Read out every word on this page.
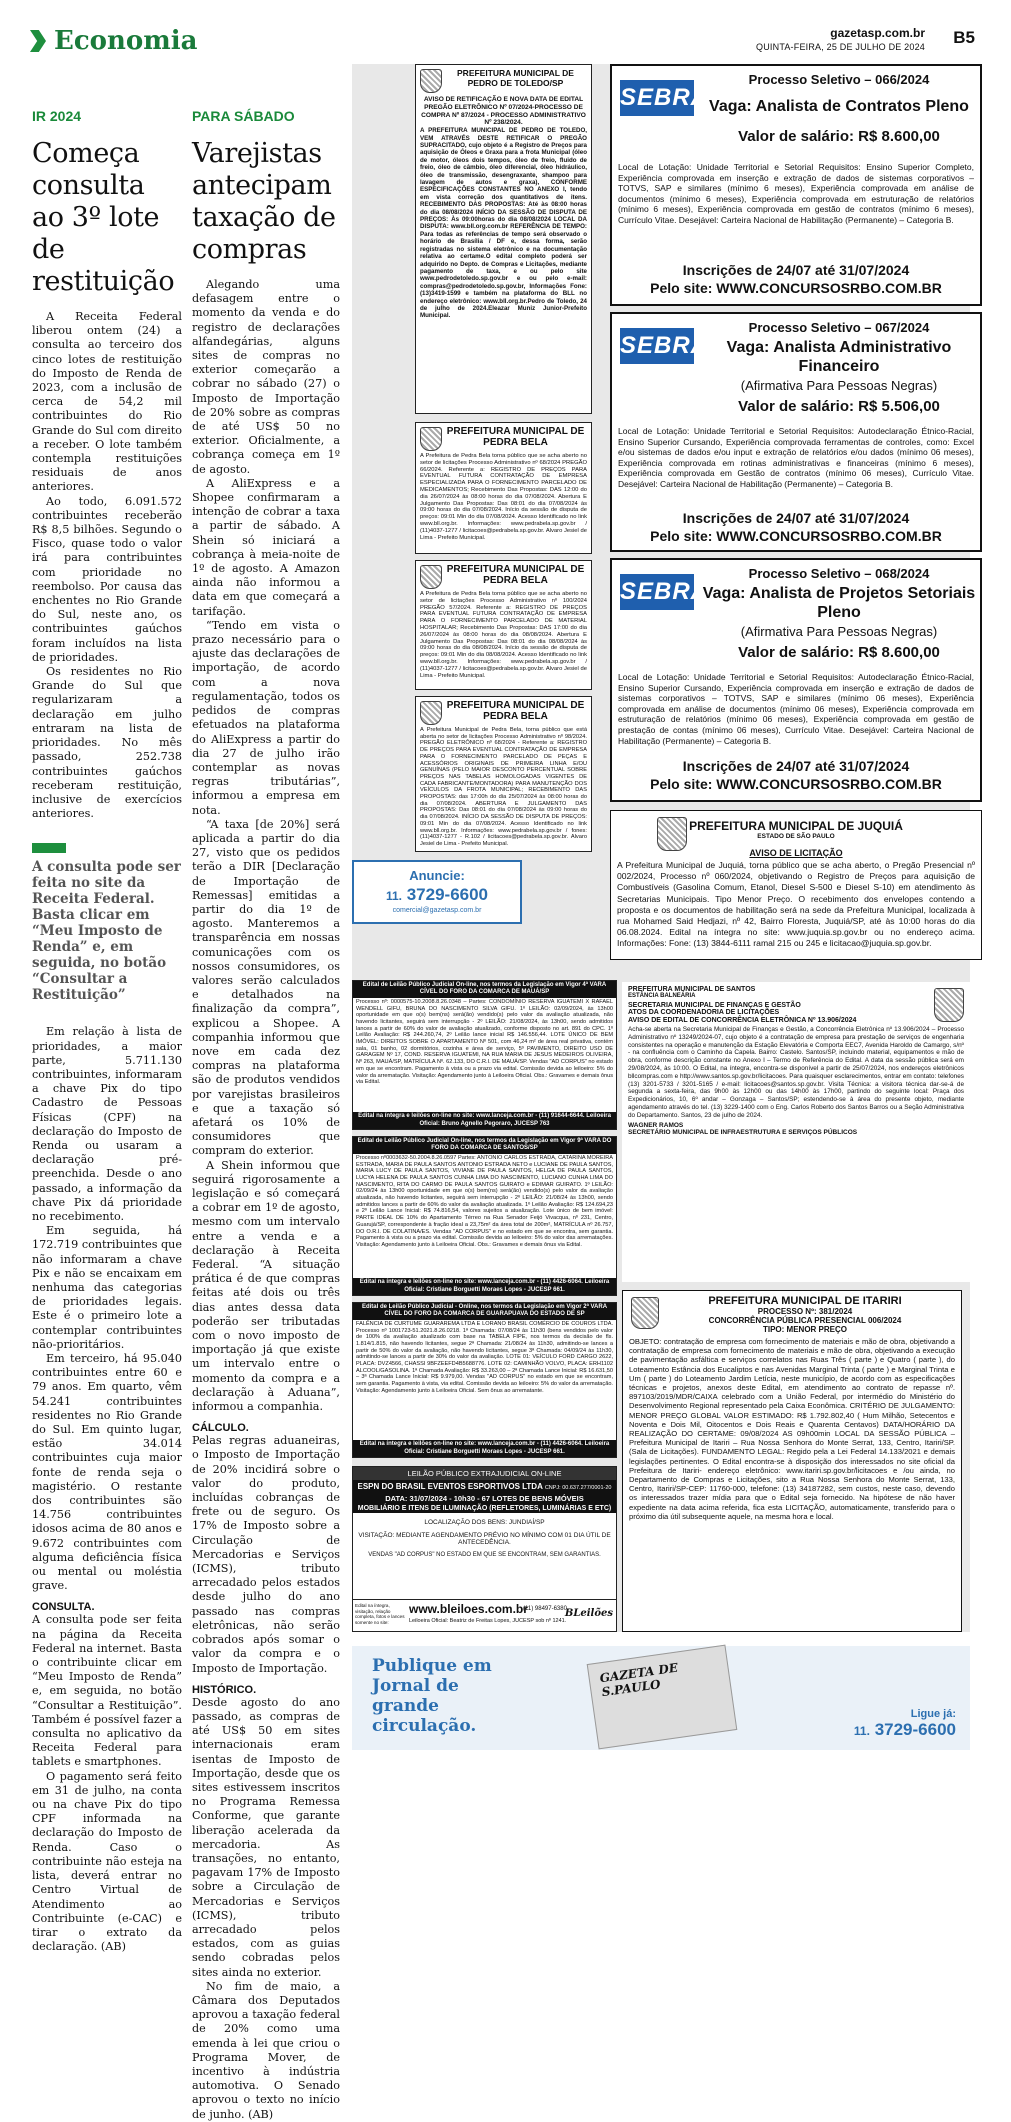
Economia	gazetasp.com.br
QUINTA-FEIRA, 25 DE JULHO DE 2024 B5
IR 2024
Começa consulta ao 3º lote de restituição

A Receita Federal liberou ontem (24) a consulta ao terceiro dos cinco lotes de restituição do Imposto de Renda de 2023, com a inclusão de cerca de 54,2 mil contribuintes do Rio Grande do Sul com direito a receber. O lote também contempla restituições residuais de anos anteriores.

Ao todo, 6.091.572 contribuintes receberão R$ 8,5 bilhões. Segundo o Fisco, quase todo o valor irá para contribuintes com prioridade no reembolso. Por causa das enchentes no Rio Grande do Sul, neste ano, os contribuintes gaúchos foram incluídos na lista de prioridades.

Os residentes no Rio Grande do Sul que regularizaram a declaração em julho entraram na lista de prioridades. No mês passado, 252.738 contribuintes gaúchos receberam restituição, inclusive de exercícios anteriores.

A consulta pode ser feita no site da Receita Federal. Basta clicar em “Meu Imposto de Renda” e, em seguida, no botão “Consultar a Restituição”

Em relação à lista de prioridades, a maior parte, 5.711.130 contribuintes, informaram a chave Pix do tipo Cadastro de Pessoas Físicas (CPF) na declaração do Imposto de Renda ou usaram a declaração pré-preenchida. Desde o ano passado, a informação da chave Pix dá prioridade no recebimento.

Em seguida, há 172.719 contribuintes que não informaram a chave Pix e não se encaixam em nenhuma das categorias de prioridades legais. Este é o primeiro lote a contemplar contribuintes não-prioritários.

Em terceiro, há 95.040 contribuintes entre 60 e 79 anos. Em quarto, vêm 54.241 contribuintes residentes no Rio Grande do Sul. Em quinto lugar, estão 34.014 contribuintes cuja maior fonte de renda seja o magistério. O restante dos contribuintes são 14.756 contribuintes idosos acima de 80 anos e 9.672 contribuintes com alguma deficiência física ou mental ou moléstia grave.

CONSULTA.

A consulta pode ser feita na página da Receita Federal na internet. Basta o contribuinte clicar em “Meu Imposto de Renda” e, em seguida, no botão “Consultar a Restituição”. Também é possível fazer a consulta no aplicativo da Receita Federal para tablets e smartphones.

O pagamento será feito em 31 de julho, na conta ou na chave Pix do tipo CPF informada na declaração do Imposto de Renda. Caso o contribuinte não esteja na lista, deverá entrar no Centro Virtual de Atendimento ao Contribuinte (e-CAC) e tirar o extrato da declaração. (AB)

PARA SÁBADO
Varejistas antecipam taxação de compras

Alegando uma defasagem entre o momento da venda e do registro de declarações alfandegárias, alguns sites de compras no exterior começarão a cobrar no sábado (27) o Imposto de Importação de 20% sobre as compras de até US$ 50 no exterior. Oficialmente, a cobrança começa em 1º de agosto.

A AliExpress e a Shopee confirmaram a intenção de cobrar a taxa a partir de sábado. A Shein só iniciará a cobrança à meia-noite de 1º de agosto. A Amazon ainda não informou a data em que começará a tarifação.

“Tendo em vista o prazo necessário para o ajuste das declarações de importação, de acordo com a nova regulamentação, todos os pedidos de compras efetuados na plataforma do AliExpress a partir do dia 27 de julho irão contemplar as novas regras tributárias”, informou a empresa em nota.

“A taxa [de 20%] será aplicada a partir do dia 27, visto que os pedidos terão a DIR [Declaração de Importação de Remessas] emitidas a partir do dia 1º de agosto. Manteremos a transparência em nossas comunicações com os nossos consumidores, os valores serão calculados e detalhados na finalização da compra”, explicou a Shopee. A companhia informou que nove em cada dez compras na plataforma são de produtos vendidos por varejistas brasileiros e que a taxação só afetará os 10% de consumidores que compram do exterior.

A Shein informou que seguirá rigorosamente a legislação e só começará a cobrar em 1º de agosto, mesmo com um intervalo entre a venda e a declaração à Receita Federal. “A situação prática é de que compras feitas até dois ou três dias antes dessa data poderão ser tributadas com o novo imposto de importação já que existe um intervalo entre o momento da compra e a declaração à Aduana”, informou a companhia.

CÁLCULO.

Pelas regras aduaneiras, o Imposto de Importação de 20% incidirá sobre o valor do produto, incluídas cobranças de frete ou de seguro. Os 17% de Imposto sobre a Circulação de Mercadorias e Serviços (ICMS), tributo arrecadado pelos estados desde julho do ano passado nas compras eletrônicas, não serão cobrados após somar o valor da compra e o Imposto de Importação.

HISTÓRICO.

Desde agosto do ano passado, as compras de até US$ 50 em sites internacionais eram isentas de Imposto de Importação, desde que os sites estivessem inscritos no Programa Remessa Conforme, que garante liberação acelerada da mercadoria. As transações, no entanto, pagavam 17% de Imposto sobre a Circulação de Mercadorias e Serviços (ICMS), tributo arrecadado pelos estados, com as guias sendo cobradas pelos sites ainda no exterior.

No fim de maio, a Câmara dos Deputados aprovou a taxação federal de 20% como uma emenda à lei que criou o Programa Mover, de incentivo à indústria automotiva. O Senado aprovou o texto no início de junho. (AB)

PREFEITURA MUNICIPAL DE PEDRO DE TOLEDO/SP
AVISO DE RETIFICAÇÃO E NOVA DATA DE EDITAL PREGÃO ELETRÔNICO Nº 07/2024-PROCESSO DE COMPRA Nº 87/2024 - PROCESSO ADMINISTRATIVO Nº 238/2024.
A PREFEITURA MUNICIPAL DE PEDRO DE TOLEDO, VEM ATRAVÉS DESTE RETIFICAR O PREGÃO SUPRACITADO, cujo objeto é a Registro de Preços para aquisição de Óleos e Graxa para a frota Municipal (óleo de motor, óleos dois tempos, óleo de freio, fluido de freio, óleo de câmbio, óleo diferencial, óleo hidráulico, óleo de transmissão, desengraxante, shampoo para lavagem de autos e graxa), CONFORME ESPECIFICAÇÕES CONSTANTES NO ANEXO I, tendo em vista correção dos quantitativos de itens. RECEBIMENTO DAS PROPOSTAS: Até às 08:00 horas do dia 08/08/2024 INÍCIO DA SESSÃO DE DISPUTA DE PREÇOS: Às 09:00horas do dia 08/08/2024 LOCAL DA DISPUTA: www.bll.org.com.br REFERÊNCIA DE TEMPO: Para todas as referências de tempo será observado o horário de Brasília / DF e, dessa forma, serão registradas no sistema eletrônico e na documentação relativa ao certame.O edital completo poderá ser adquirido no Depto. de Compras e Licitações, mediante pagamento de taxa, e ou pelo site www.pedrodetoledo.sp.gov.br e ou pelo e-mail: compras@pedrodetoledo.sp.gov.br, Informações Fone:(13)3419-1599 e também na plataforma do BLL no endereço eletrônico: www.bll.org.br.Pedro de Toledo, 24 de julho de 2024.Eleazar Muniz Junior-Prefeito Municipal.
PREFEITURA MUNICIPAL DE PEDRA BELA
A Prefeitura de Pedra Bela torna público que se acha aberto no setor de licitações Processo Administrativo nº 68/2024 PREGÃO 66/2024. Referente a: REGISTRO DE PREÇOS PARA EVENTUAL FUTURA CONTRATAÇÃO DE EMPRESA ESPECIALIZADA PARA O FORNECIMENTO PARCELADO DE MEDICAMENTOS; Recebimento Das Propostas: DAS 12:00 do dia 26/07/2024 às 08:00 horas do dia 07/08/2024. Abertura E Julgamento Das Propostas: Das 08:01 do dia 07/08/2024 às 09:00 horas do dia 07/08/2024. Início da sessão de disputa de preços: 09:01 Min do dia 07/08/2024. Acesso Identificado no link www.bll.org.br. Informações: www.pedrabela.sp.gov.br / (11)4037-1277 / licitacoes@pedrabela.sp.gov.br. Alvaro Jesiel de Lima - Prefeito Municipal.
PREFEITURA MUNICIPAL DE PEDRA BELA
A Prefeitura de Pedra Bela torna público que se acha aberto no setor de licitações Processo Administrativo nº 100/2024 PREGÃO 57/2024. Referente a: REGISTRO DE PREÇOS PARA EVENTUAL FUTURA CONTRATAÇÃO DE EMPRESA PARA O FORNECIMENTO PARCELADO DE MATERIAL HOSPITALAR; Recebimento Das Propostas: DAS 17:00 do dia 26/07/2024 às 08:00 horas do dia 08/08/2024. Abertura E Julgamento Das Propostas: Das 08:01 do dia 08/08/2024 às 09:00 horas do dia 08/08/2024. Início da sessão de disputa de preços: 09:01 Min do dia 08/08/2024. Acesso Identificado no link www.bll.org.br. Informações: www.pedrabela.sp.gov.br / (11)4037-1277 / licitacoes@pedrabela.sp.gov.br. Alvaro Jesiel de Lima - Prefeito Municipal.
PREFEITURA MUNICIPAL DE PEDRA BELA
A Prefeitura Municipal de Pedra Bela, torna público que está aberta no setor de licitações Processo Administrativo nº 98/2024. PREGÃO ELETRÔNICO nº 68/2024 - Referente a: REGISTRO DE PREÇOS PARA EVENTUAL CONTRATAÇÃO DE EMPRESA PARA O FORNECIMENTO PARCELADO DE PEÇAS E ACESSÓRIOS ORIGINAIS DE PRIMEIRA LINHA E/OU GENUÍNAS (PELO MAIOR DESCONTO PERCENTUAL SOBRE PREÇOS NAS TABELAS HOMOLOGADAS VIGENTES DE CADA FABRICANTE/MONTADORA) PARA MANUTENÇÃO DOS VEÍCULOS DA FROTA MUNICIPAL; RECEBIMENTO DAS PROPOSTAS: das 17:00h do dia 25/07/2024 às 08:00 horas do dia 07/08/2024. ABERTURA E JULGAMENTO DAS PROPOSTAS: Das 08:01 do dia 07/08/2024 às 09:00 horas do dia 07/08/2024. INÍCIO DA SESSÃO DE DISPUTA DE PREÇOS: 09:01 Min do dia 07/08/2024. Acesso Identificado no link www.bll.org.br. Informações: www.pedrabela.sp.gov.br / fones: (11)4037-1277 - R.102 / licitacoes@pedrabela.sp.gov.br. Alvaro Jesiel de Lima - Prefeito Municipal.
Anuncie:
11. 3729-6600
comercial@gazetasp.com.br
SEBRAE
Processo Seletivo – 066/2024
Vaga: Analista de Contratos Pleno
Valor de salário: R$ 8.600,00
Local de Lotação: Unidade Territorial e Setorial Requisitos: Ensino Superior Completo, Experiência comprovada em inserção e extração de dados de sistemas corporativos – TOTVS, SAP e similares (mínimo 6 meses), Experiência comprovada em análise de documentos (mínimo 6 meses), Experiência comprovada em estruturação de relatórios (mínimo 6 meses), Experiência comprovada em gestão de contratos (mínimo 6 meses), Currículo Vitae. Desejável: Carteira Nacional de Habilitação (Permanente) – Categoria B.
Inscrições de 24/07 até 31/07/2024
Pelo site: WWW.CONCURSOSRBO.COM.BR
SEBRAE
Processo Seletivo – 067/2024
Vaga: Analista Administrativo Financeiro
(Afirmativa Para Pessoas Negras)
Valor de salário: R$ 5.506,00
Local de Lotação: Unidade Territorial e Setorial Requisitos: Autodeclaração Étnico-Racial, Ensino Superior Cursando, Experiência comprovada ferramentas de controles, como: Excel e/ou sistemas de dados e/ou input e extração de relatórios e/ou dados (mínimo 06 meses), Experiência comprovada em rotinas administrativas e financeiras (mínimo 6 meses), Experiência comprovada em Gestão de contratos (mínimo 06 meses), Currículo Vitae. Desejável: Carteira Nacional de Habilitação (Permanente) – Categoria B.
Inscrições de 24/07 até 31/07/2024
Pelo site: WWW.CONCURSOSRBO.COM.BR
SEBRAE
Processo Seletivo – 068/2024
Vaga: Analista de Projetos Setoriais Pleno
(Afirmativa Para Pessoas Negras)
Valor de salário: R$ 8.600,00
Local de Lotação: Unidade Territorial e Setorial Requisitos: Autodeclaração Étnico-Racial, Ensino Superior Cursando, Experiência comprovada em inserção e extração de dados de sistemas corporativos – TOTVS, SAP e similares (mínimo 06 meses), Experiência comprovada em análise de documentos (mínimo 06 meses), Experiência comprovada em estruturação de relatórios (mínimo 06 meses), Experiência comprovada em gestão de prestação de contas (mínimo 06 meses), Currículo Vitae. Desejável: Carteira Nacional de Habilitação (Permanente) – Categoria B.
Inscrições de 24/07 até 31/07/2024
Pelo site: WWW.CONCURSOSRBO.COM.BR
PREFEITURA MUNICIPAL DE JUQUIÁ
ESTADO DE SÃO PAULO
AVISO DE LICITAÇÃO
A Prefeitura Municipal de Juquiá, torna público que se acha aberto, o Pregão Presencial nº 002/2024, Processo nº 060/2024, objetivando o Registro de Preços para aquisição de Combustíveis (Gasolina Comum, Etanol, Diesel S-500 e Diesel S-10) em atendimento às Secretarias Municipais. Tipo Menor Preço. O recebimento dos envelopes contendo a proposta e os documentos de habilitação será na sede da Prefeitura Municipal, localizada à rua Mohamed Said Hedjazi, nº 42, Bairro Floresta, Juquiá/SP, até às 10:00 horas do dia 06.08.2024. Edital na íntegra no site: www.juquia.sp.gov.br ou no endereço acima. Informações: Fone: (13) 3844-6111 ramal 215 ou 245 e licitacao@juquia.sp.gov.br.
Edital de Leilão Público Judicial On-line, nos termos da Legislação em Vigor 4ª VARA CÍVEL DO FORO DA COMARCA DE MAUÁ/SP
Processo nº: 0000575-10.2008.8.26.0348 – Partes: CONDOMÍNIO RESERVA IGUATEMI X RAFAEL WENDELL GIFU, BRUNA DO NASCIMENTO SILVA GIFU. 1º LEILÃO: 02/09/2024, às 13h00 oportunidade em que o(s) bem(ns) será(ão) vendido(s) pelo valor da avaliação atualizada, não havendo licitantes, seguirá sem interrupção - 2º LEILÃO: 21/08/2024, às 13h00, sendo admitidos lances a partir de 60% do valor de avaliação atualizado, conforme disposto no art. 891 do CPC. 1º Leilão Avaliação: R$ 244.260,74, 2º Leilão lance inicial R$ 146.556,44. LOTE ÚNICO DE BEM IMÓVEL: DIREITOS SOBRE O APARTAMENTO Nº 501, com 46,24 m² de área real privativa, contém sala, 01 banho, 02 dormitórios, cozinha e área de serviço, 5º PAVIMENTO, DIREITO USO DE GARAGEM Nº 17, COND. RESERVA IGUATEMI, NA RUA MARIA DE JESUS MEDEIROS OLIVEIRA, Nº 263, MAUÁ/SP, MATRÍCULA Nº. 62.133, DO C.R.I. DE MAUÁ/SP. Vendas "AD CORPUS" no estado em que se encontram. Pagamento à vista ou a prazo via edital. Comissão devida ao leiloeiro: 5% do valor da arrematação. Visitação: Agendamento junto à Leiloeira Oficial. Obs.: Gravames e demais ônus via Edital.
Edital na íntegra e leilões on-line no site: www.lanceja.com.br - (11) 91644-6644. Leiloeira Oficial: Bruno Agnello Pegoraro, JUCESP 763
Edital de Leilão Público Judicial On-line, nos termos da Legislação em Vigor 9ª VARA DO FORO DA COMARCA DE SANTOS/SP
Processo nº0003632-50.2004.8.26.0597 Partes: ANTONIO CARLOS ESTRADA, CATARINA MOREIRA ESTRADA, MARIA DE PAULA SANTOS ANTONIO ESTRADA NETO e LUCIANE DE PAULA SANTOS, MARIA LUCY DE PAULA SANTOS, VIVIANE DE PAULA SANTOS, HELGA DE PAULA SANTOS, LUCYA HELENA DE PAULA SANTOS CUNHA LIMA DO NASCIMENTO, LUCIANO CUNHA LIMA DO NASCIMENTO, RITA DO CARMO DE PAULA SANTOS GUIRATO e EDIMAR GUIRATO. 1º LEILÃO: 02/09/24 às 13h00 oportunidade em que o(s) bem(ns) será(ão) vendido(s) pelo valor da avaliação atualizada, não havendo licitantes, seguirá sem interrupção - 2º LEILÃO: 21/08/24 às 13h00, sendo admitidos lances a partir de 60% do valor da avaliação atualizada. 1º Leilão Avaliação: R$ 124.694,23 e 2º Leilão Lance Inicial: R$ 74.816,54, valores sujeitos a atualização. Lote único de bem imóvel: PARTE IDEAL DE 10% do Apartamento Térreo na Rua Senador Feijó Vivacqua, nº 231, Centro, Guarujá/SP, correspondente à fração ideal a 23,75m² da área total de 200m², MATRÍCULA nº 26.757, DO O.R.I. DE COLATINA/ES. Vendas "AD CORPUS" e no estado em que se encontra, sem garantia. Pagamento à vista ou a prazo via edital. Comissão devida ao leiloeiro: 5% do valor das arrematações. Visitação: Agendamento junto à Leiloeira Oficial. Obs.: Gravames e demais ônus via Edital.
Edital na íntegra e leilões on-line no site: www.lanceja.com.br - (11) 4426-6064. Leiloeira Oficial: Cristiane Borguetti Moraes Lopes - JUCESP 661.
Edital de Leilão Público Judicial - Online, nos termos da Legislação em Vigor 2ª VARA CÍVEL DO FORO DA COMARCA DE GUARAPUAVA DO ESTADO DE SP
FALÊNCIA DE CURTUME GUARAREMA LTDA E LORANO BRASIL COMÉRCIO DE COUROS LTDA. Processo nº 1001723-51.2021.8.26.0218. 1ª Chamada: 07/08/24 às 11h30 (bens vendidos pelo valor de 100% da avaliação atualizado com base na TABELA FIPE, nos termos da decisão de fls. 1.814/1.815, não havendo licitantes, segue 2ª Chamada: 21/08/24 às 11h30, admitindo-se lances a partir de 50% do valor da avaliação, não havendo licitantes, segue 3ª Chamada: 04/09/24 às 11h30, admitindo-se lances a partir de 30% do valor da avaliação. LOTE 01: VEÍCULO FORD CARGO 2622, PLACA: DVZ4566, CHASSI 9BFZEEFD4B5688776. LOTE 02: CAMINHÃO VOLVO, PLACA: ERH1102 ALCOOL/GASOLINA. 1ª Chamada Avaliação: R$ 33.263,00 – 2ª Chamada Lance Inicial: R$ 16.631,50 – 3ª Chamada Lance Inicial: R$ 9.979,00. Vendas "AD CORPUS" no estado em que se encontram, sem garantia. Pagamento à vista, via edital. Comissão devida ao leiloeiro: 5% do valor da arrematação. Visitação: Agendamento junto à Leiloeira Oficial. Sem ônus ao arrematante.
Edital na íntegra e leilões on-line no site: www.lanceja.com.br - (11) 4426-6064. Leiloeira Oficial: Cristiane Borguetti Moraes Lopes - JUCESP 661.
LEILÃO PÚBLICO EXTRAJUDICIAL ON-LINE
ESPN DO BRASIL EVENTOS ESPORTIVOS LTDA CNPJ: 00.637.277/0001-20
DATA: 31/07/2024 - 10h30 - 67 LOTES DE BENS MÓVEIS
MOBILIÁRIO E ITENS DE ILUMINAÇÃO (REFLETORES, LUMINÁRIAS E ETC)
LOCALIZAÇÃO DOS BENS: JUNDIAÍ/SP
VISITAÇÃO: MEDIANTE AGENDAMENTO PRÉVIO NO MÍNIMO COM 01 DIA ÚTIL DE ANTECEDÊNCIA.
VENDAS "AD CORPUS" NO ESTADO EM QUE SE ENCONTRAM, SEM GARANTIAS.
Edital na íntegra, visitação, relação completa, fotos e lances somente no site:
www.bleiloes.com.br
(11) 98497-6380
Leiloeira Oficial: Beatriz de Freitas Lopes, JUCESP sob nº 1241.
BLeilões
PREFEITURA MUNICIPAL DE SANTOS
ESTÂNCIA BALNEÁRIA
SECRETARIA MUNICIPAL DE FINANÇAS E GESTÃO
ATOS DA COORDENADORIA DE LICITAÇÕES
AVISO DE EDITAL DE CONCORRÊNCIA ELETRÔNICA Nº 13.906/2024
Acha-se aberta na Secretaria Municipal de Finanças e Gestão, a Concorrência Eletrônica nº 13.906/2024 – Processo Administrativo nº 13249/2024-07, cujo objeto é a contratação de empresa para prestação de serviços de engenharia consistentes na operação e manutenção da Estação Elevatória e Comporta EEC7, Avenida Haroldo de Camargo, s/nº - na confluência com o Caminho da Capela. Bairro: Castelo. Santos/SP, incluindo material, equipamentos e mão de obra, conforme descrição constante no Anexo I – Termo de Referência do Edital. A data da sessão pública será em 29/08/2024, às 10:00. O Edital, na íntegra, encontra-se disponível a partir de 25/07/2024, nos endereços eletrônicos bllcompras.com e http://www.santos.sp.gov.br/licitacoes. Para quaisquer esclarecimentos, entrar em contato: telefones (13) 3201-5733 / 3201-5165 / e-mail: licitacoes@santos.sp.gov.br. Visita Técnica: a visitora técnica dar-se-á de segunda a sexta-feira, das 9h00 às 12h00 ou das 14h00 às 17h00, partindo do seguinte local: Praça dos Expedicionários, 10, 6º andar – Gonzaga – Santos/SP; estendendo-se à área do presente objeto, mediante agendamento através do tel. (13) 3229-1400 com o Eng. Carlos Roberto dos Santos Barros ou a Seção Administrativa do Departamento. Santos, 23 de julho de 2024.
WAGNER RAMOS
SECRETÁRIO MUNICIPAL DE INFRAESTRUTURA E SERVIÇOS PÚBLICOS
PREFEITURA MUNICIPAL DE ITARIRI
PROCESSO Nº: 381/2024
CONCORRÊNCIA PÚBLICA PRESENCIAL 006/2024
TIPO: MENOR PREÇO
OBJETO: contratação de empresa com fornecimento de materiais e mão de obra, objetivando a contratação de empresa com fornecimento de materiais e mão de obra, objetivando a execução de pavimentação asfáltica e serviços correlatos nas Ruas Três ( parte ) e Quatro ( parte ), do Loteamento Estância dos Eucaliptos e nas Avenidas Marginal Trinta ( parte ) e Marginal Trinta e Um ( parte ) do Loteamento Jardim Letícia, neste município, de acordo com as especificações técnicas e projetos, anexos deste Edital, em atendimento ao contrato de repasse nº. 897103/2019/MDR/CAIXA celebrado com a União Federal, por intermédio do Ministério do Desenvolvimento Regional representado pela Caixa Econômica. CRITÉRIO DE JULGAMENTO: MENOR PREÇO GLOBAL VALOR ESTIMADO: R$ 1.792.802,40 ( Hum Milhão, Setecentos e Noventa e Dois Mil, Oitocentos e Dois Reais e Quarenta Centavos) DATA/HORÁRIO DA REALIZAÇÃO DO CERTAME: 09/08/2024 AS 09h00min LOCAL DA SESSÃO PÚBLICA – Prefeitura Municipal de Itariri – Rua Nossa Senhora do Monte Serrat, 133, Centro, Itariri/SP. (Sala de Licitações). FUNDAMENTO LEGAL: Regido pela a Lei Federal 14.133/2021 e demais legislações pertinentes. O Edital encontra-se à disposição dos interessados no site oficial da Prefeitura de Itariri- endereço eletrônico: www.itariri.sp.gov.br/licitacoes e /ou ainda, no Departamento de Compras e Licitações, sito a Rua Nossa Senhora do Monte Serrat, 133, Centro, Itariri/SP-CEP: 11760-000, telefone: (13) 34187282, sem custos, neste caso, devendo os interessados trazer mídia para que o Edital seja fornecido. Na hipótese de não haver expediente na data acima referida, fica esta LICITAÇÃO, automaticamente, transferido para o próximo dia útil subsequente aquele, na mesma hora e local.
Publique em Jornal de grande circulação.
GAZETA DE S.PAULO
Ligue já:
11. 3729-6600
